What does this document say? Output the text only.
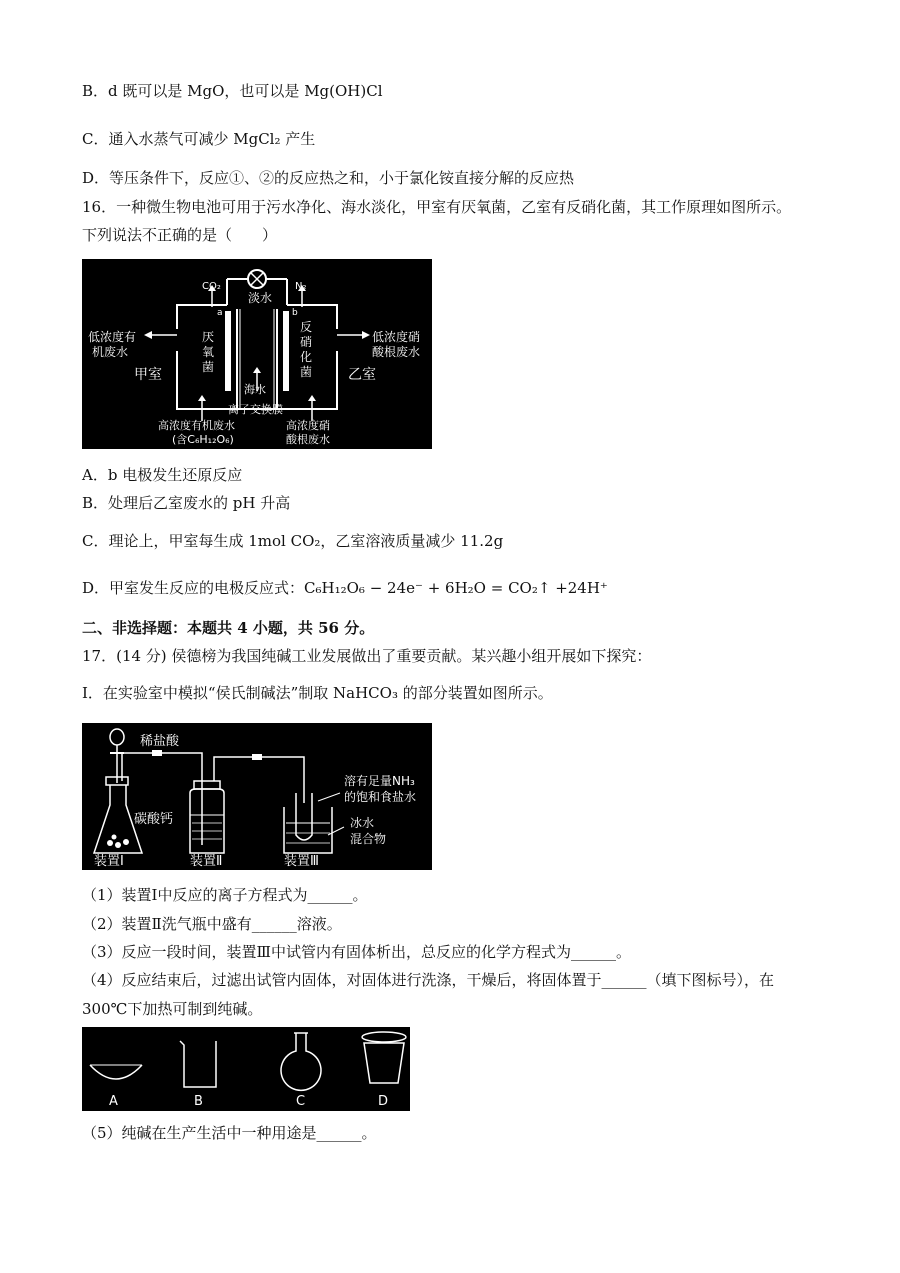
B．d 既可以是 MgO，也可以是 Mg(OH)Cl
C．通入水蒸气可减少 MgCl₂ 产生
D．等压条件下，反应①、②的反应热之和，小于氯化铵直接分解的反应热
16．一种微生物电池可用于污水净化、海水淡化，甲室有厌氧菌，乙室有反硝化菌，其工作原理如图所示。
下列说法不正确的是（　　）
淡水
CO₂	N₂
a	b
低浓度有
机废水
低浓度硝
酸根废水
厌
氧
菌
反
硝
化
菌
甲室	乙室
海水
离子交换膜
高浓度有机废水
(含C₆H₁₂O₆)
高浓度硝
酸根废水
A．b 电极发生还原反应
B．处理后乙室废水的 pH 升高
C．理论上，甲室每生成 1mol CO₂，乙室溶液质量减少 11.2g
D．甲室发生反应的电极反应式：C₆H₁₂O₆ − 24e⁻ + 6H₂O = CO₂↑ +24H⁺
二、非选择题：本题共 4 小题，共 56 分。
17．(14 分) 侯德榜为我国纯碱工业发展做出了重要贡献。某兴趣小组开展如下探究：
Ⅰ．在实验室中模拟“侯氏制碱法”制取 NaHCO₃ 的部分装置如图所示。
稀盐酸
碳酸钙
装置Ⅰ	装置Ⅱ	装置Ⅲ
溶有足量NH₃
的饱和食盐水
冰水
混合物
（1）装置Ⅰ中反应的离子方程式为______。
（2）装置Ⅱ洗气瓶中盛有______溶液。
（3）反应一段时间，装置Ⅲ中试管内有固体析出，总反应的化学方程式为______。
（4）反应结束后，过滤出试管内固体，对固体进行洗涤，干燥后，将固体置于______（填下图标号），在
300℃下加热可制到纯碱。
A	B	C	D
（5）纯碱在生产生活中一种用途是______。
